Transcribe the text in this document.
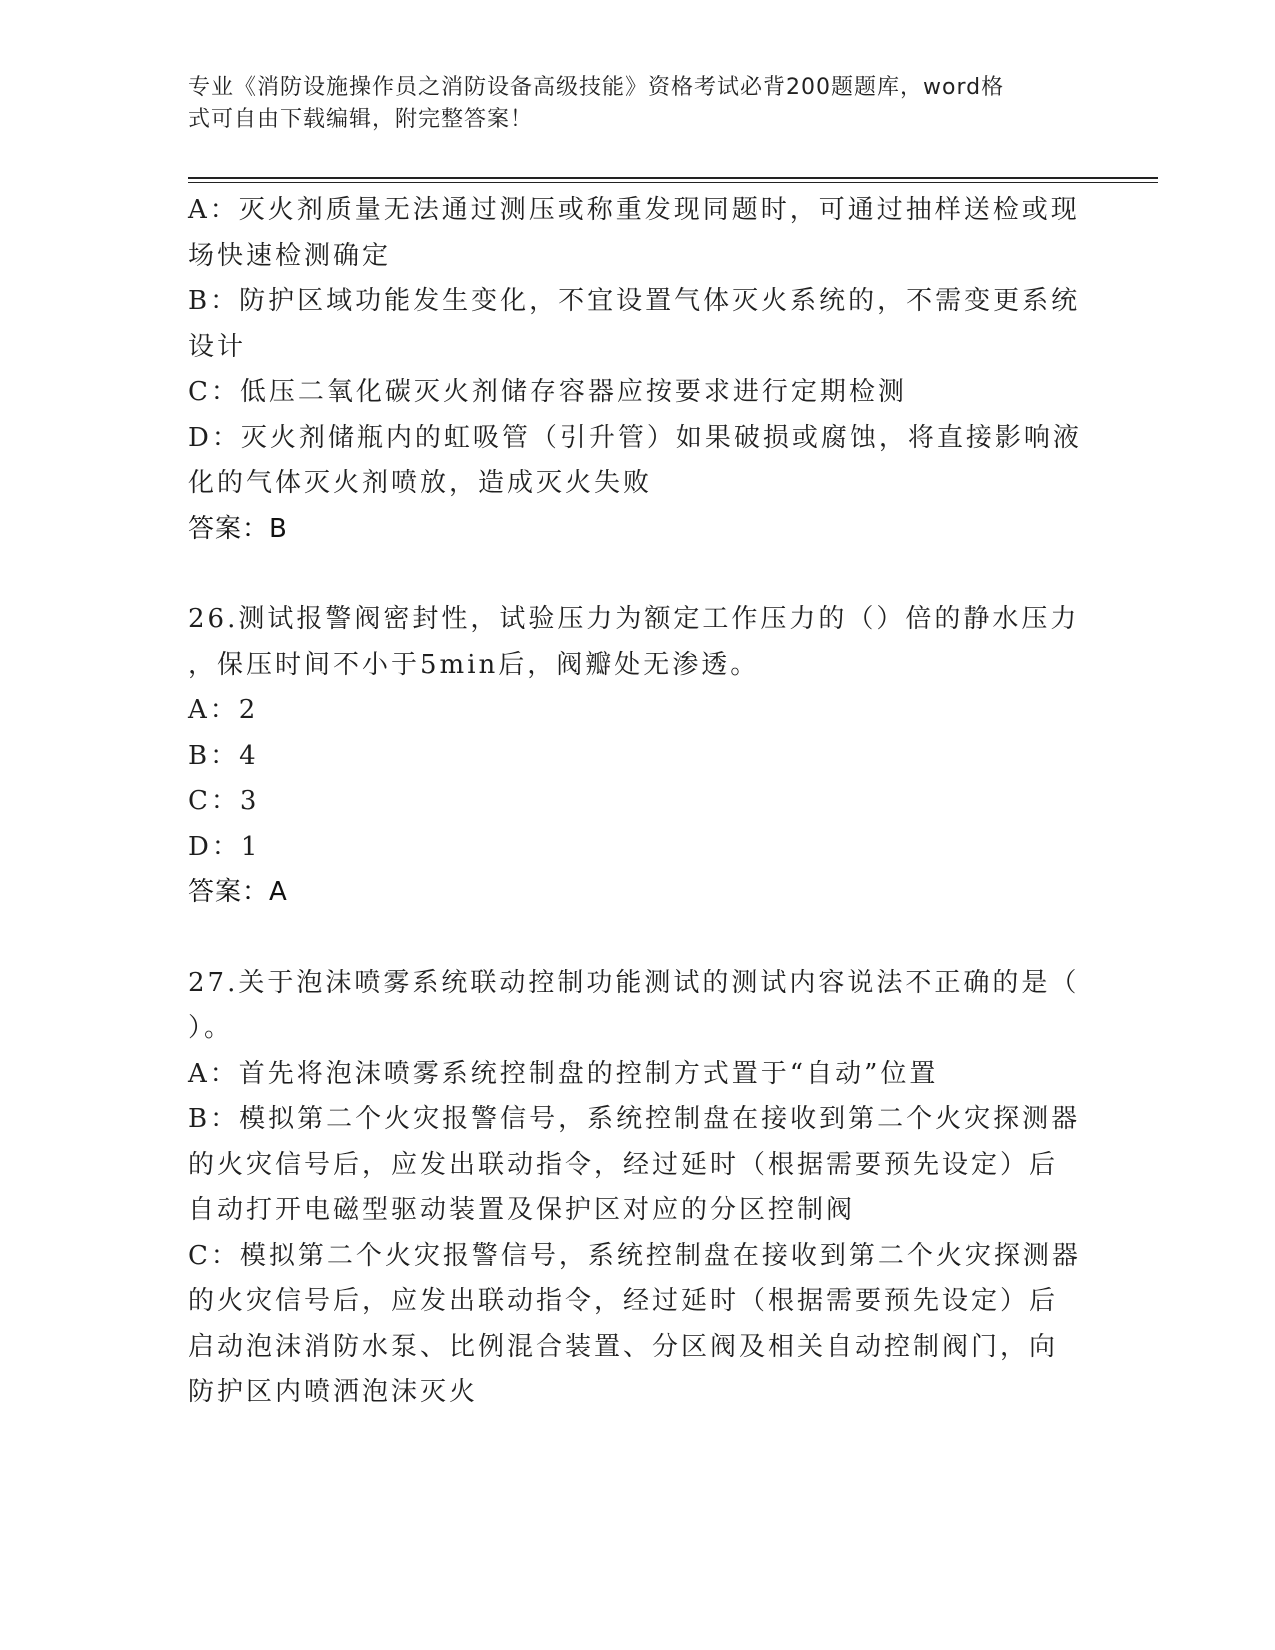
专业《消防设施操作员之消防设备高级技能》资格考试必背200题题库，word格
式可自由下载编辑，附完整答案！
A：灭火剂质量无法通过测压或称重发现同题时，可通过抽样送检或现
场快速检测确定
B：防护区域功能发生变化，不宜设置气体灭火系统的，不需变更系统
设计
C：低压二氧化碳灭火剂储存容器应按要求进行定期检测
D：灭火剂储瓶内的虹吸管（引升管）如果破损或腐蚀，将直接影响液
化的气体灭火剂喷放，造成灭火失败
答案：B
26.测试报警阀密封性，试验压力为额定工作压力的（）倍的静水压力
，保压时间不小于5min后，阀瓣处无渗透。
A：2
B：4
C：3
D：1
答案：A
27.关于泡沫喷雾系统联动控制功能测试的测试内容说法不正确的是（
）。
A：首先将泡沫喷雾系统控制盘的控制方式置于“自动”位置
B：模拟第二个火灾报警信号，系统控制盘在接收到第二个火灾探测器
的火灾信号后，应发出联动指令，经过延时（根据需要预先设定）后
自动打开电磁型驱动装置及保护区对应的分区控制阀
C：模拟第二个火灾报警信号，系统控制盘在接收到第二个火灾探测器
的火灾信号后，应发出联动指令，经过延时（根据需要预先设定）后
启动泡沫消防水泵、比例混合装置、分区阀及相关自动控制阀门，向
防护区内喷洒泡沫灭火
